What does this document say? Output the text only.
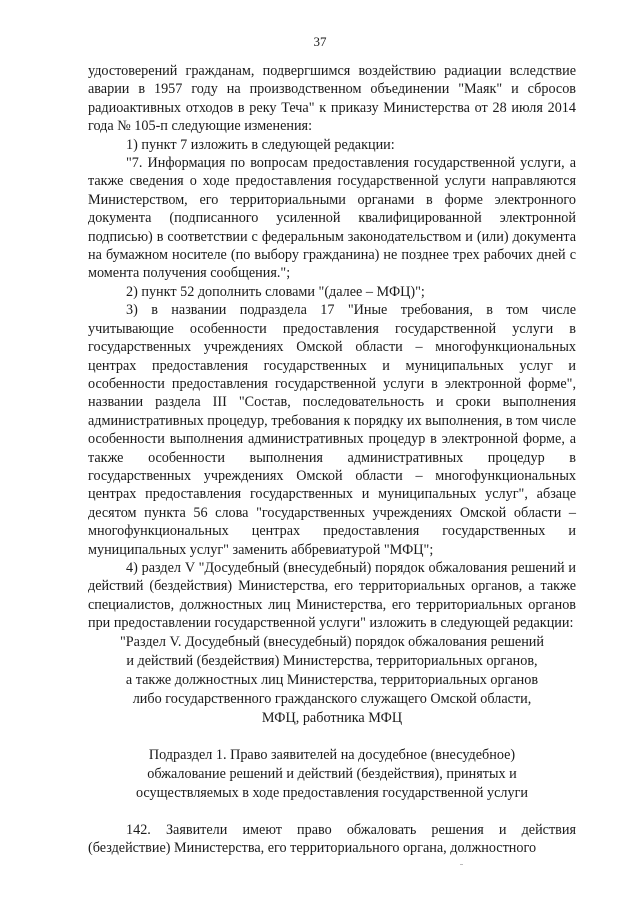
37

удостоверений гражданам, подвергшимся воздействию радиации вследствие аварии в 1957 году на производственном объединении "Маяк" и сбросов радиоактивных отходов в реку Теча" к приказу Министерства от 28 июля 2014 года № 105-п следующие изменения:

1) пункт 7 изложить в следующей редакции:

"7. Информация по вопросам предоставления государственной услуги, а также сведения о ходе предоставления государственной услуги направляются Министерством, его территориальными органами в форме электронного документа (подписанного усиленной квалифицированной электронной подписью) в соответствии с федеральным законодательством и (или) документа на бумажном носителе (по выбору гражданина) не позднее трех рабочих дней с момента получения сообщения.";

2) пункт 52 дополнить словами "(далее – МФЦ)";

3) в названии подраздела 17 "Иные требования, в том числе учитывающие особенности предоставления государственной услуги в государственных учреждениях Омской области – многофункциональных центрах предоставления государственных и муниципальных услуг и особенности предоставления государственной услуги в электронной форме", названии раздела III "Состав, последовательность и сроки выполнения административных процедур, требования к порядку их выполнения, в том числе особенности выполнения административных процедур в электронной форме, а также особенности выполнения административных процедур в государственных учреждениях Омской области – многофункциональных центрах предоставления государственных и муниципальных услуг", абзаце десятом пункта 56 слова "государственных учреждениях Омской области – многофункциональных центрах предоставления государственных и муниципальных услуг" заменить аббревиатурой "МФЦ";

4) раздел V "Досудебный (внесудебный) порядок обжалования решений и действий (бездействия) Министерства, его территориальных органов, а также специалистов, должностных лиц Министерства, его территориальных органов при предоставлении государственной услуги" изложить в следующей редакции:

"Раздел V. Досудебный (внесудебный) порядок обжалования решений
и действий (бездействия) Министерства, территориальных органов,
а также должностных лиц Министерства, территориальных органов
либо государственного гражданского служащего Омской области,
МФЦ, работника МФЦ
Подраздел 1. Право заявителей на досудебное (внесудебное)
обжалование решений и действий (бездействия), принятых и
осуществляемых в ходе предоставления государственной услуги

142. Заявители имеют право обжаловать решения и действия (бездействие) Министерства, его территориального органа, должностного
